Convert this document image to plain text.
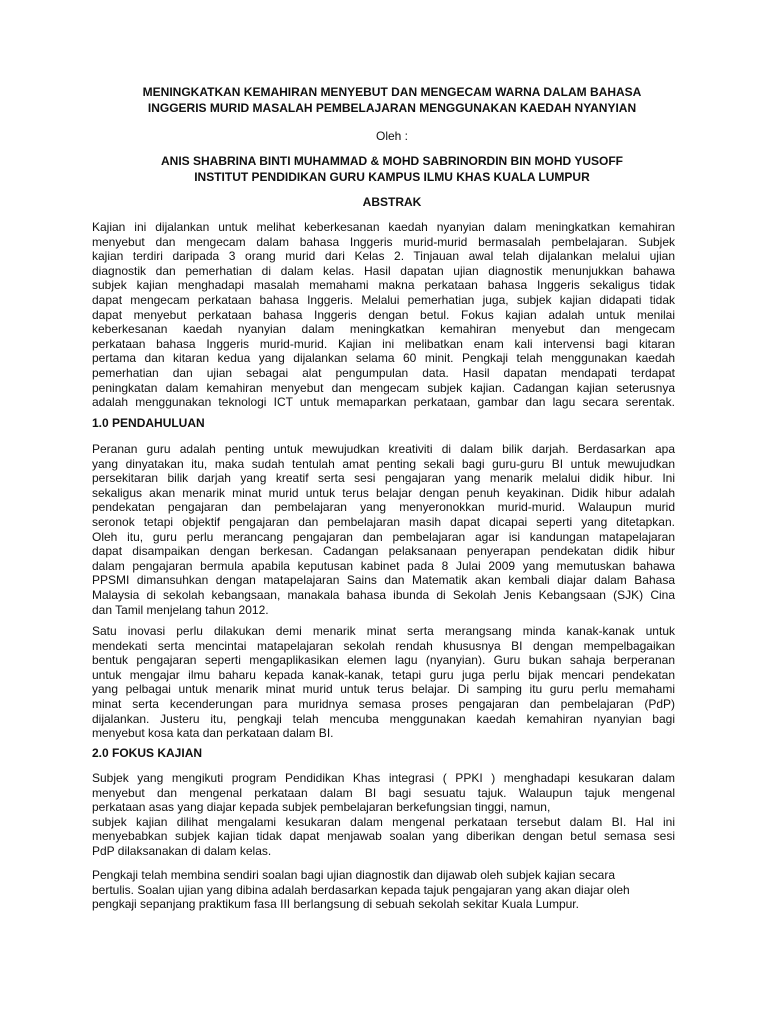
MENINGKATKAN KEMAHIRAN MENYEBUT DAN MENGECAM WARNA DALAM BAHASA
INGGERIS MURID MASALAH PEMBELAJARAN MENGGUNAKAN KAEDAH NYANYIAN
Oleh :
ANIS SHABRINA BINTI MUHAMMAD & MOHD SABRINORDIN BIN MOHD YUSOFF
INSTITUT PENDIDIKAN GURU KAMPUS ILMU KHAS KUALA LUMPUR
ABSTRAK
Kajian ini dijalankan untuk melihat keberkesanan kaedah nyanyian dalam meningkatkan kemahiran
menyebut dan mengecam dalam bahasa Inggeris murid-murid bermasalah pembelajaran. Subjek
kajian terdiri daripada 3 orang murid dari Kelas 2. Tinjauan awal telah dijalankan melalui ujian
diagnostik dan pemerhatian di dalam kelas. Hasil dapatan ujian diagnostik menunjukkan bahawa
subjek kajian menghadapi masalah memahami makna perkataan bahasa Inggeris sekaligus tidak
dapat mengecam perkataan bahasa Inggeris. Melalui pemerhatian juga, subjek kajian didapati tidak
dapat menyebut perkataan bahasa Inggeris dengan betul. Fokus kajian adalah untuk menilai
keberkesanan kaedah nyanyian dalam meningkatkan kemahiran menyebut dan mengecam
perkataan bahasa Inggeris murid-murid. Kajian ini melibatkan enam kali intervensi bagi kitaran
pertama dan kitaran kedua yang dijalankan selama 60 minit. Pengkaji telah menggunakan kaedah
pemerhatian dan ujian sebagai alat pengumpulan data. Hasil dapatan mendapati terdapat
peningkatan dalam kemahiran menyebut dan mengecam subjek kajian. Cadangan kajian seterusnya
adalah menggunakan teknologi ICT untuk memaparkan perkataan, gambar dan lagu secara serentak.
1.0 PENDAHULUAN
Peranan guru adalah penting untuk mewujudkan kreativiti di dalam bilik darjah. Berdasarkan apa
yang dinyatakan itu, maka sudah tentulah amat penting sekali bagi guru-guru BI untuk mewujudkan
persekitaran bilik darjah yang kreatif serta sesi pengajaran yang menarik melalui didik hibur. Ini
sekaligus akan menarik minat murid untuk terus belajar dengan penuh keyakinan. Didik hibur adalah
pendekatan pengajaran dan pembelajaran yang menyeronokkan murid-murid. Walaupun murid
seronok tetapi objektif pengajaran dan pembelajaran masih dapat dicapai seperti yang ditetapkan.
Oleh itu, guru perlu merancang pengajaran dan pembelajaran agar isi kandungan matapelajaran
dapat disampaikan dengan berkesan. Cadangan pelaksanaan penyerapan pendekatan didik hibur
dalam pengajaran bermula apabila keputusan kabinet pada 8 Julai 2009 yang memutuskan bahawa
PPSMI dimansuhkan dengan matapelajaran Sains dan Matematik akan kembali diajar dalam Bahasa
Malaysia di sekolah kebangsaan, manakala bahasa ibunda di Sekolah Jenis Kebangsaan (SJK) Cina
dan Tamil menjelang tahun 2012.
Satu inovasi perlu dilakukan demi menarik minat serta merangsang minda kanak-kanak untuk
mendekati serta mencintai matapelajaran sekolah rendah khususnya BI dengan mempelbagaikan
bentuk pengajaran seperti mengaplikasikan elemen lagu (nyanyian). Guru bukan sahaja berperanan
untuk mengajar ilmu baharu kepada kanak-kanak, tetapi guru juga perlu bijak mencari pendekatan
yang pelbagai untuk menarik minat murid untuk terus belajar. Di samping itu guru perlu memahami
minat serta kecenderungan para muridnya semasa proses pengajaran dan pembelajaran (PdP)
dijalankan. Justeru itu, pengkaji telah mencuba menggunakan kaedah kemahiran nyanyian bagi
menyebut kosa kata dan perkataan dalam BI.
2.0 FOKUS KAJIAN
Subjek yang mengikuti program Pendidikan Khas integrasi ( PPKI ) menghadapi kesukaran dalam
menyebut dan mengenal perkataan dalam BI bagi sesuatu tajuk. Walaupun tajuk mengenal
perkataan asas yang diajar kepada subjek pembelajaran berkefungsian tinggi, namun,
subjek kajian dilihat mengalami kesukaran dalam mengenal perkataan tersebut dalam BI. Hal ini
menyebabkan subjek kajian tidak dapat menjawab soalan yang diberikan dengan betul semasa sesi
PdP dilaksanakan di dalam kelas.
Pengkaji telah membina sendiri soalan bagi ujian diagnostik dan dijawab oleh subjek kajian secara
bertulis. Soalan ujian yang dibina adalah berdasarkan kepada tajuk pengajaran yang akan diajar oleh
pengkaji sepanjang praktikum fasa III berlangsung di sebuah sekolah sekitar Kuala Lumpur.
